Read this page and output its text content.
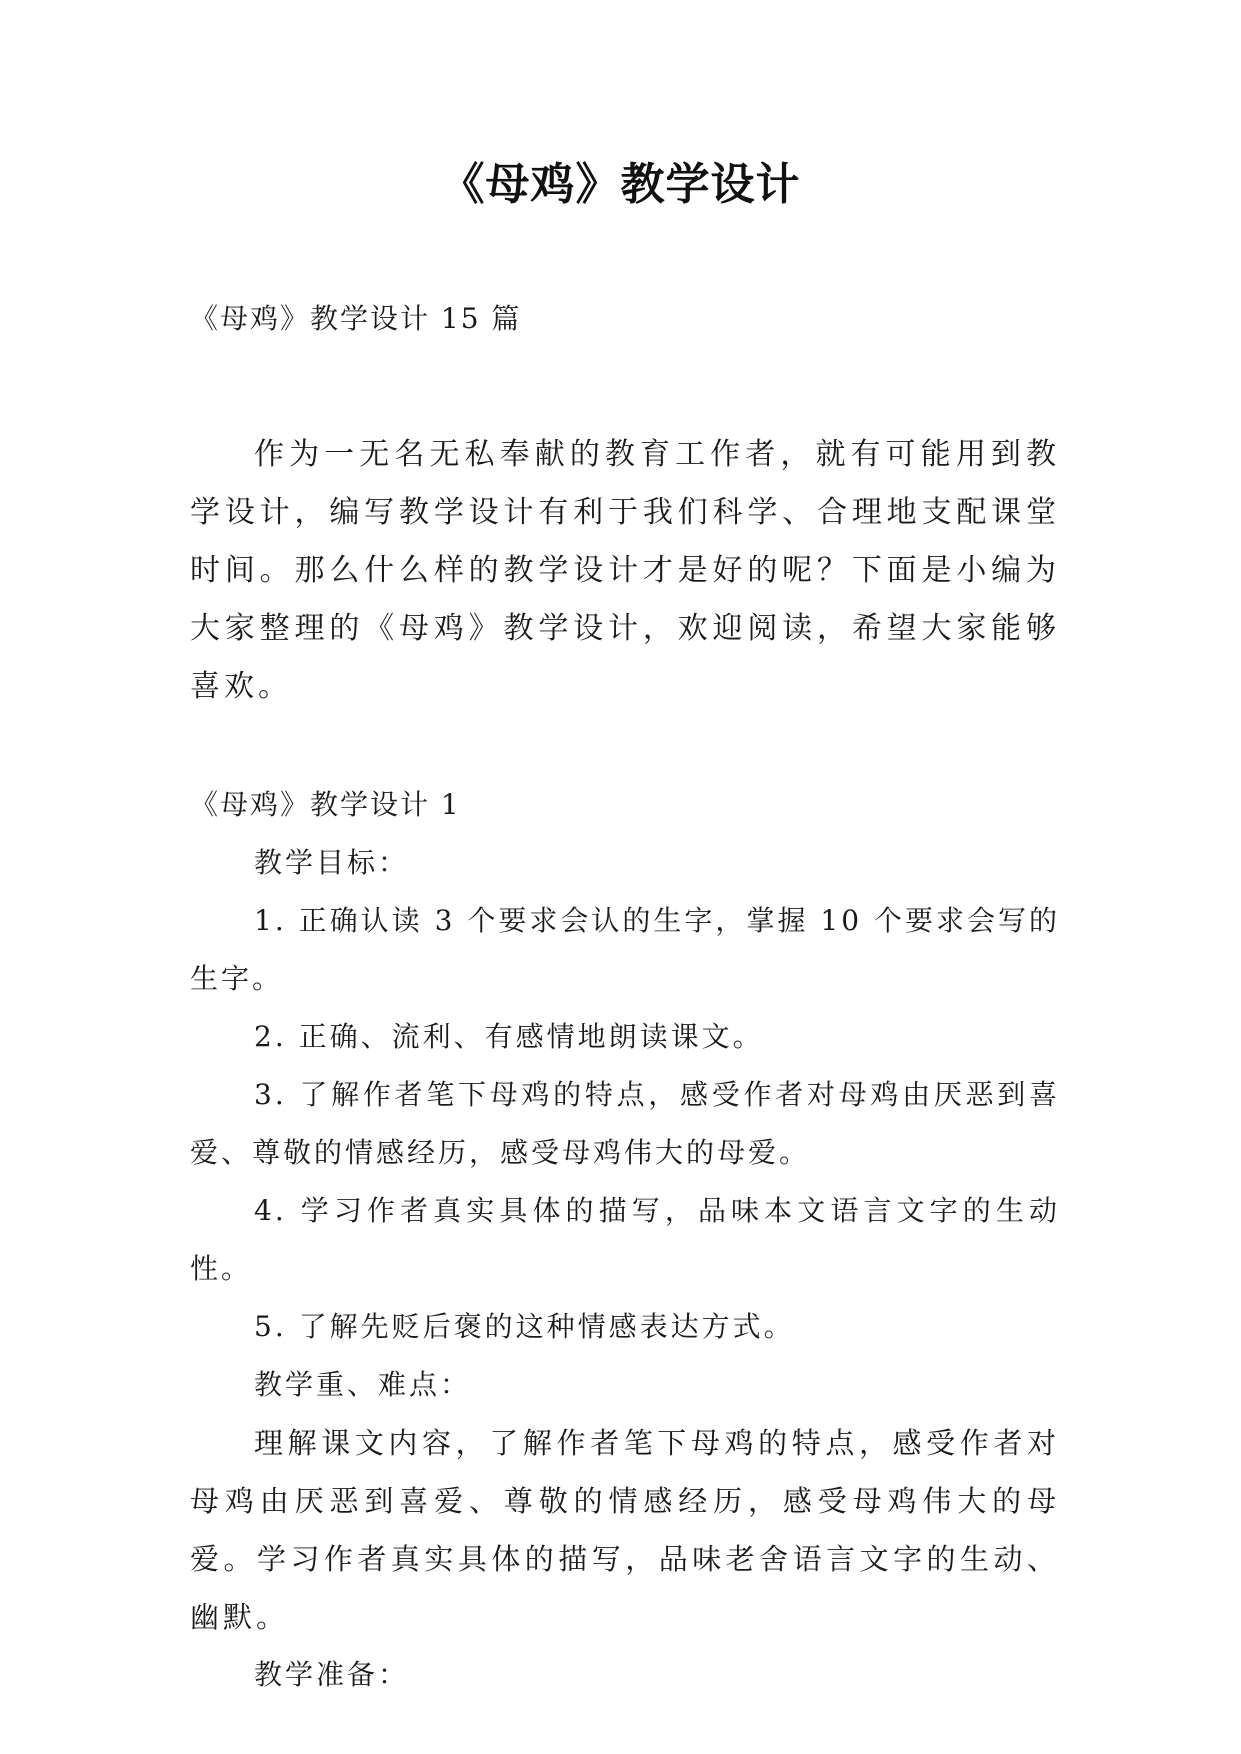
《母鸡》教学设计

《母鸡》教学设计 15 篇

作为一无名无私奉献的教育工作者，就有可能用到教学设计，编写教学设计有利于我们科学、合理地支配课堂时间。那么什么样的教学设计才是好的呢？下面是小编为大家整理的《母鸡》教学设计，欢迎阅读，希望大家能够喜欢。

《母鸡》教学设计 1

教学目标：

1. 正确认读 3 个要求会认的生字，掌握 10 个要求会写的生字。

2. 正确、流利、有感情地朗读课文。

3. 了解作者笔下母鸡的特点，感受作者对母鸡由厌恶到喜爱、尊敬的情感经历，感受母鸡伟大的母爱。

4. 学习作者真实具体的描写，品味本文语言文字的生动性。

5. 了解先贬后褒的这种情感表达方式。

教学重、难点：

理解课文内容，了解作者笔下母鸡的特点，感受作者对母鸡由厌恶到喜爱、尊敬的情感经历，感受母鸡伟大的母爱。学习作者真实具体的描写，品味老舍语言文字的生动、幽默。

教学准备：
